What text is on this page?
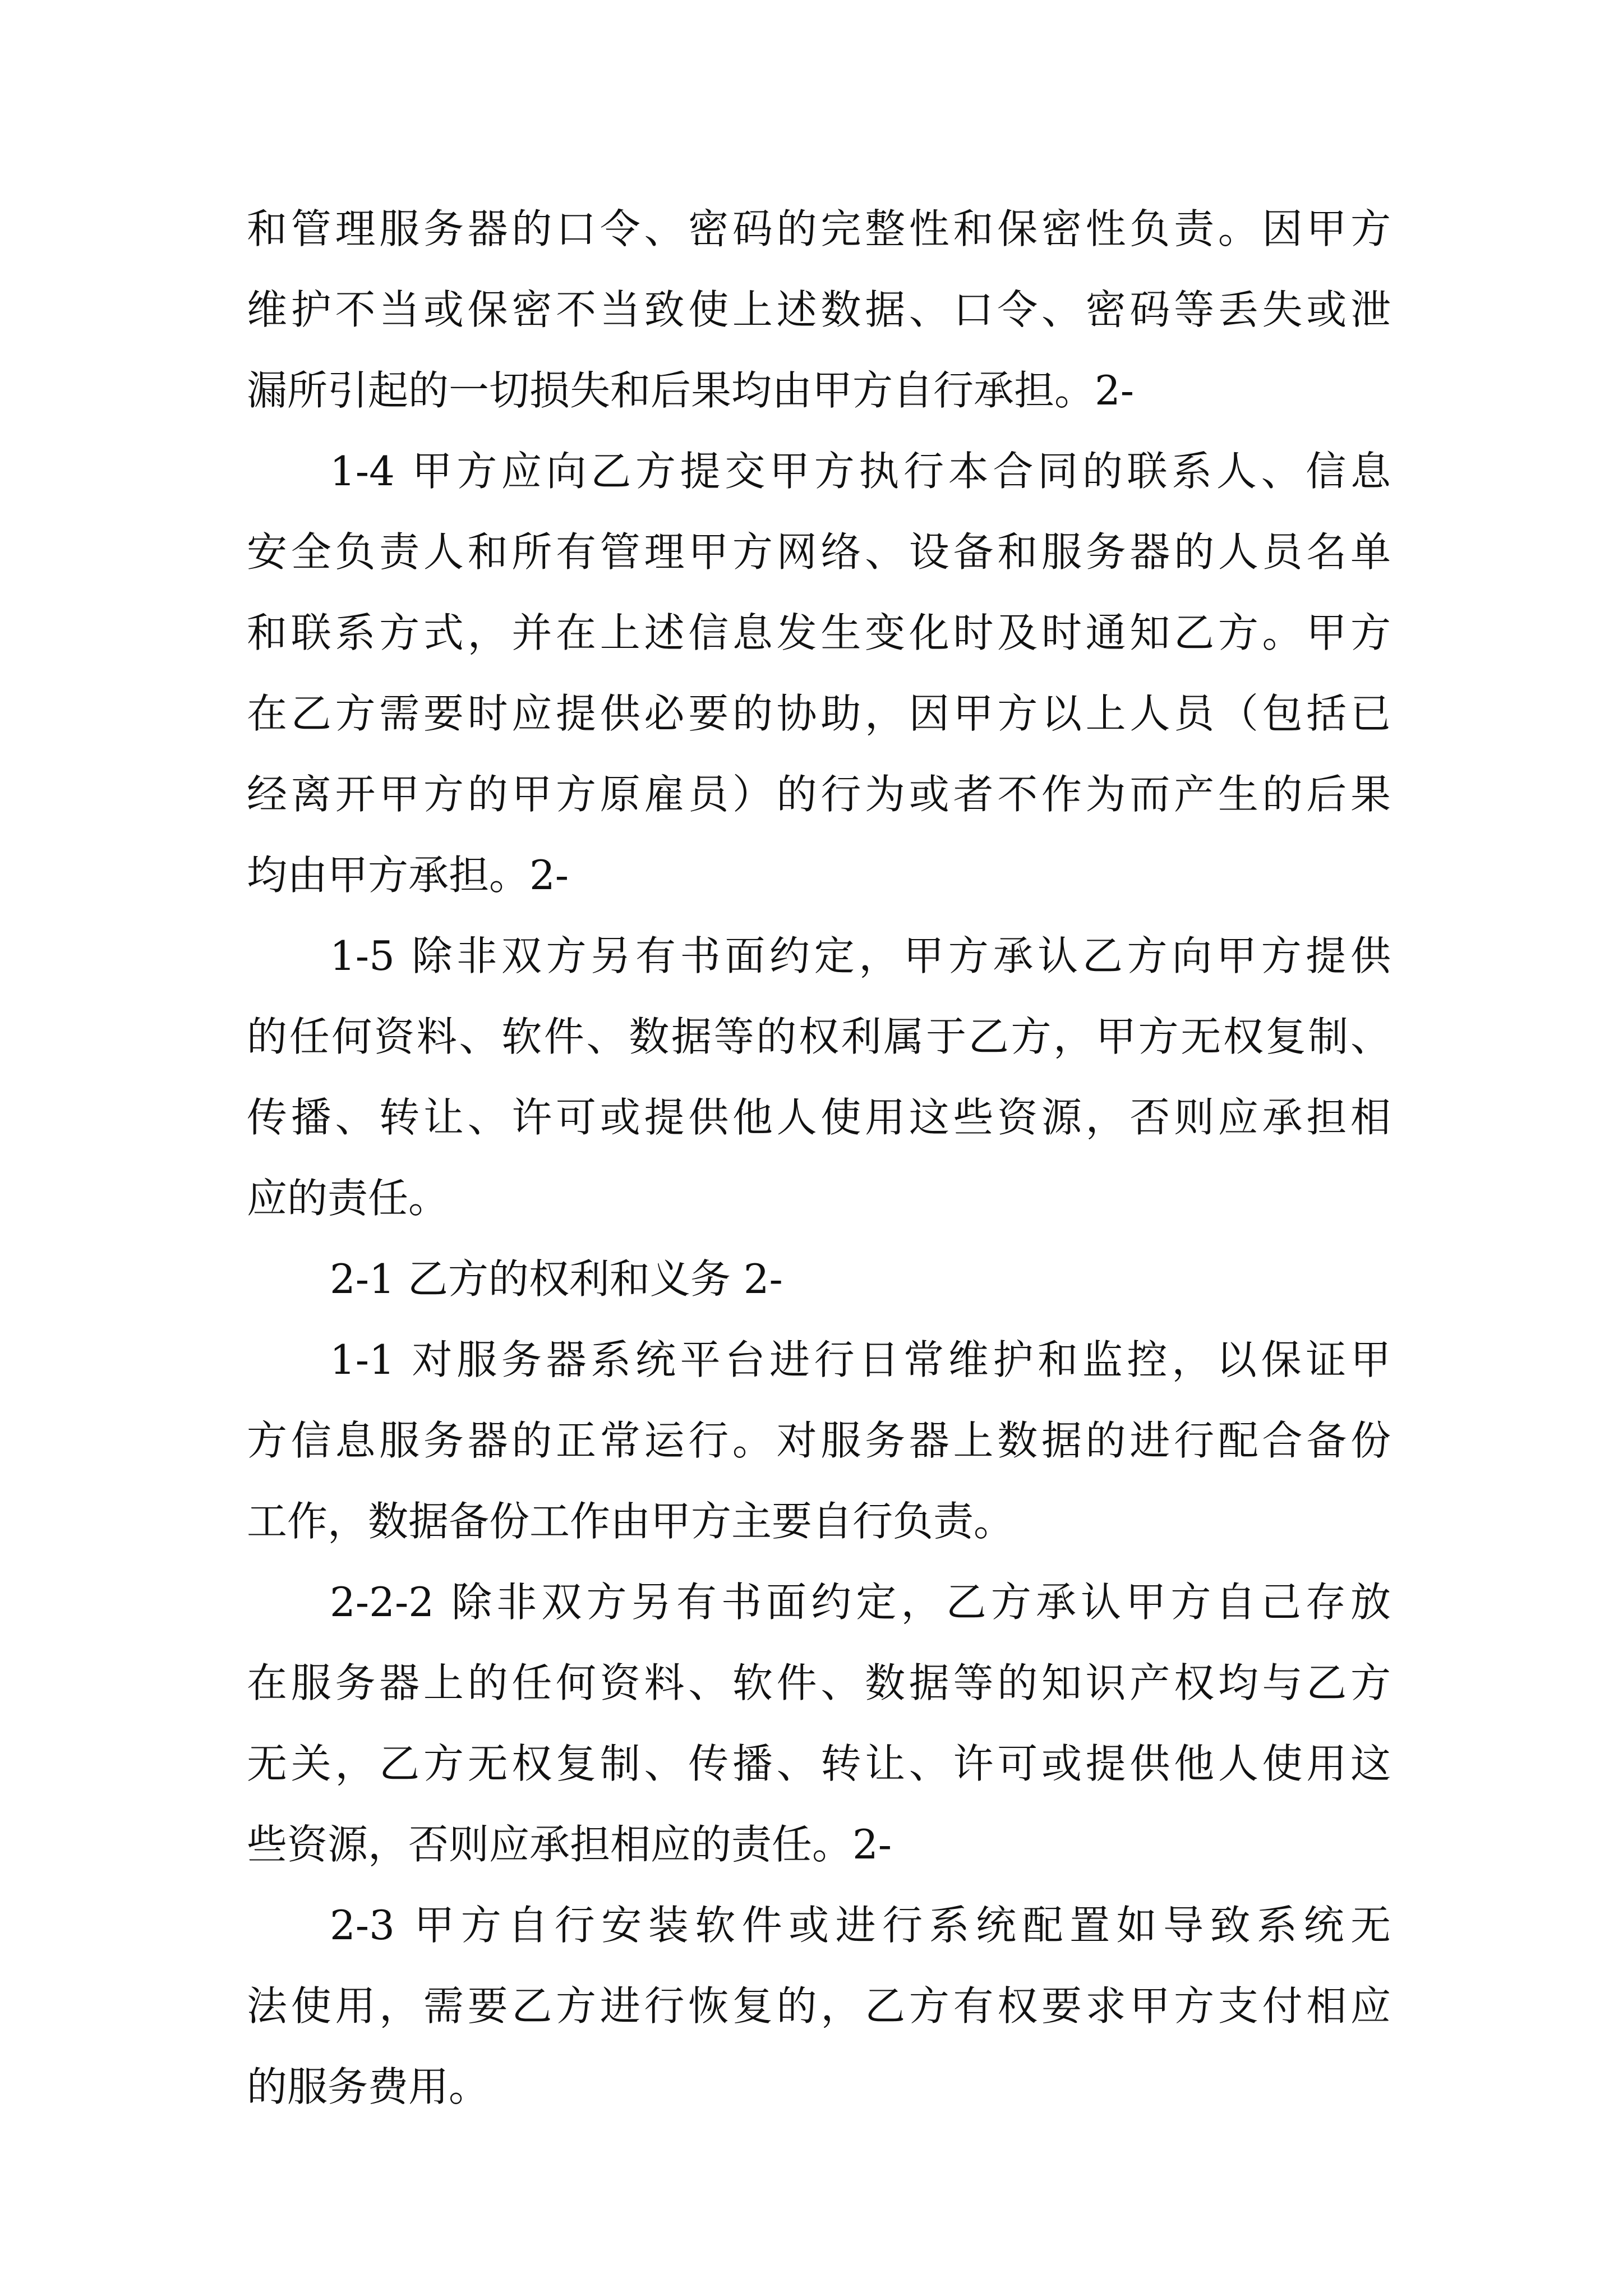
和管理服务器的口令、密码的完整性和保密性负责。因甲方
维护不当或保密不当致使上述数据、口令、密码等丢失或泄
漏所引起的一切损失和后果均由甲方自行承担。2-
1-4 甲方应向乙方提交甲方执行本合同的联系人、信息
安全负责人和所有管理甲方网络、设备和服务器的人员名单
和联系方式，并在上述信息发生变化时及时通知乙方。甲方
在乙方需要时应提供必要的协助，因甲方以上人员（包括已
经离开甲方的甲方原雇员）的行为或者不作为而产生的后果
均由甲方承担。2-
1-5 除非双方另有书面约定，甲方承认乙方向甲方提供
的任何资料、软件、数据等的权利属于乙方，甲方无权复制、
传播、转让、许可或提供他人使用这些资源，否则应承担相
应的责任。
2-1 乙方的权利和义务 2-
1-1 对服务器系统平台进行日常维护和监控，以保证甲
方信息服务器的正常运行。对服务器上数据的进行配合备份
工作，数据备份工作由甲方主要自行负责。
2-2-2 除非双方另有书面约定，乙方承认甲方自己存放
在服务器上的任何资料、软件、数据等的知识产权均与乙方
无关，乙方无权复制、传播、转让、许可或提供他人使用这
些资源，否则应承担相应的责任。2-
2-3 甲方自行安装软件或进行系统配置如导致系统无
法使用，需要乙方进行恢复的，乙方有权要求甲方支付相应
的服务费用。
